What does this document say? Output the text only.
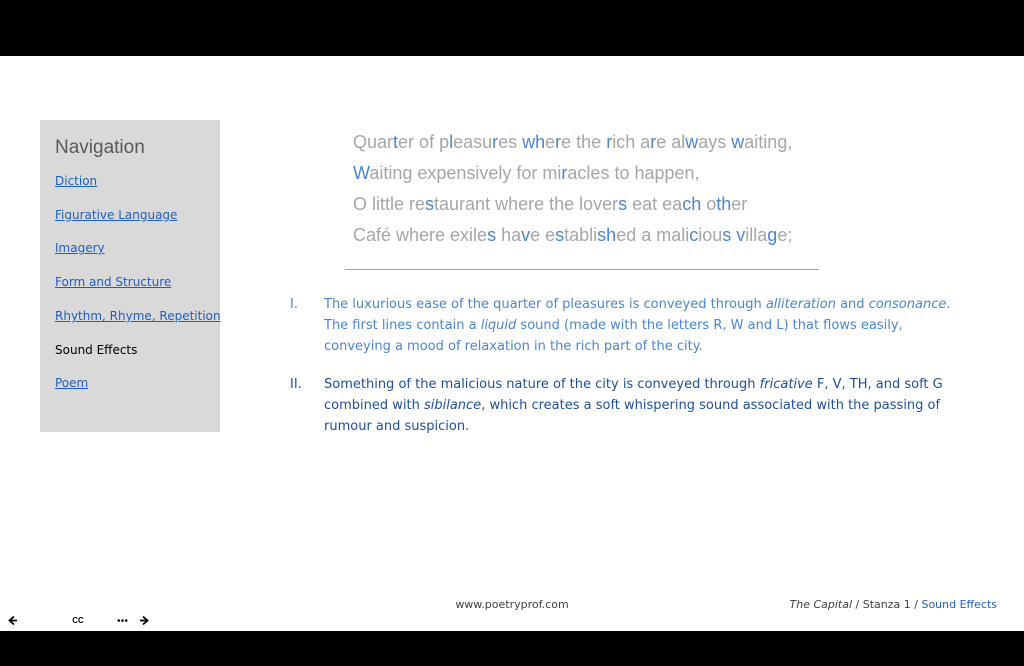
Navigation
Diction
Figurative Language
Imagery
Form and Structure
Rhythm, Rhyme, Repetition
Sound Effects
Poem
Quarter of pleasures where the rich are always waiting,
Waiting expensively for miracles to happen,
O little restaurant where the lovers eat each other
Café where exiles have established a malicious village;
I. The luxurious ease of the quarter of pleasures is conveyed through alliteration and consonance. The first lines contain a liquid sound (made with the letters R, W and L) that flows easily, conveying a mood of relaxation in the rich part of the city.
II. Something of the malicious nature of the city is conveyed through fricative F, V, TH, and soft G combined with sibilance, which creates a soft whispering sound associated with the passing of rumour and suspicion.
www.poetryprof.com	The Capital / Stanza 1 / Sound Effects
CC
